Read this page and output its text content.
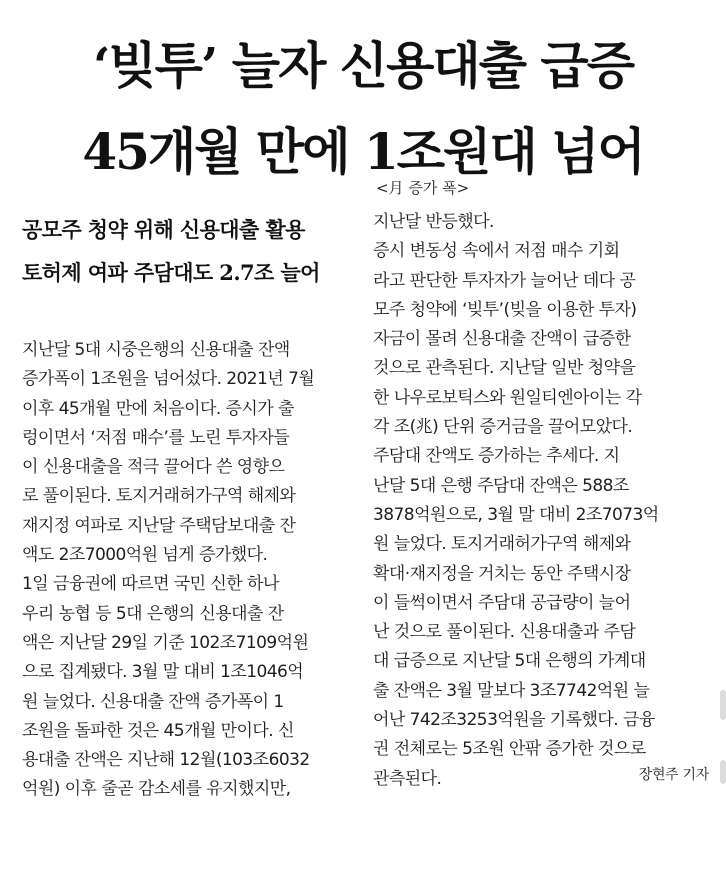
‘빚투’ 늘자 신용대출 급증
45개월 만에 1조원대 넘어
<月 증가 폭>
공모주 청약 위해 신용대출 활용
토허제 여파 주담대도 2.7조 늘어
지난달 5대 시중은행의 신용대출 잔액
증가폭이 1조원을 넘어섰다. 2021년 7월
이후 45개월 만에 처음이다. 증시가 출
렁이면서 ‘저점 매수’를 노린 투자자들
이 신용대출을 적극 끌어다 쓴 영향으
로 풀이된다. 토지거래허가구역 해제와
재지정 여파로 지난달 주택담보대출 잔
액도 2조7000억원 넘게 증가했다.
1일 금융권에 따르면 국민 신한 하나
우리 농협 등 5대 은행의 신용대출 잔
액은 지난달 29일 기준 102조7109억원
으로 집계됐다. 3월 말 대비 1조1046억
원 늘었다. 신용대출 잔액 증가폭이 1
조원을 돌파한 것은 45개월 만이다. 신
용대출 잔액은 지난해 12월(103조6032
억원) 이후 줄곧 감소세를 유지했지만,
지난달 반등했다.
증시 변동성 속에서 저점 매수 기회
라고 판단한 투자자가 늘어난 데다 공
모주 청약에 ‘빚투’(빚을 이용한 투자)
자금이 몰려 신용대출 잔액이 급증한
것으로 관측된다. 지난달 일반 청약을
한 나우로보틱스와 원일티엔아이는 각
각 조(兆) 단위 증거금을 끌어모았다.
주담대 잔액도 증가하는 추세다. 지
난달 5대 은행 주담대 잔액은 588조
3878억원으로, 3월 말 대비 2조7073억
원 늘었다. 토지거래허가구역 해제와
확대·재지정을 거치는 동안 주택시장
이 들썩이면서 주담대 공급량이 늘어
난 것으로 풀이된다. 신용대출과 주담
대 급증으로 지난달 5대 은행의 가계대
출 잔액은 3월 말보다 3조7742억원 늘
어난 742조3253억원을 기록했다. 금융
권 전체로는 5조원 안팎 증가한 것으로
관측된다.	장현주 기자
